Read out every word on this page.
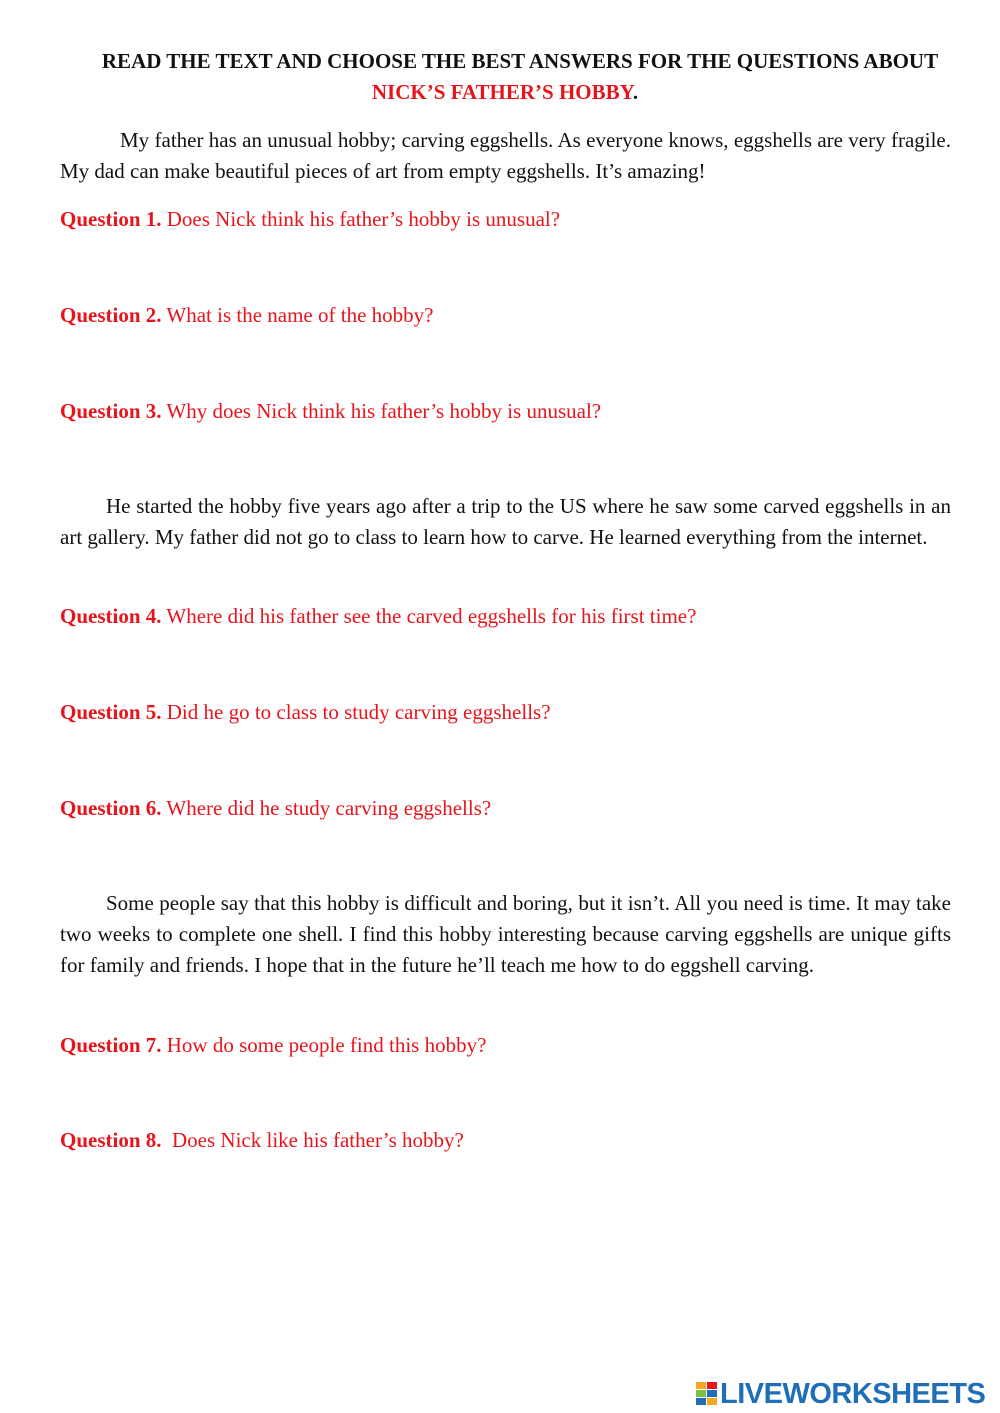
READ THE TEXT AND CHOOSE THE BEST ANSWERS FOR THE QUESTIONS ABOUT NICK’S FATHER’S HOBBY.
My father has an unusual hobby; carving eggshells. As everyone knows, eggshells are very fragile. My dad can make beautiful pieces of art from empty eggshells. It’s amazing!
Question 1. Does Nick think his father’s hobby is unusual?
Question 2. What is the name of the hobby?
Question 3. Why does Nick think his father’s hobby is unusual?
He started the hobby five years ago after a trip to the US where he saw some carved eggshells in an art gallery. My father did not go to class to learn how to carve. He learned everything from the internet.
Question 4. Where did his father see the carved eggshells for his first time?
Question 5. Did he go to class to study carving eggshells?
Question 6. Where did he study carving eggshells?
Some people say that this hobby is difficult and boring, but it isn’t. All you need is time. It may take two weeks to complete one shell. I find this hobby interesting because carving eggshells are unique gifts for family and friends. I hope that in the future he’ll teach me how to do eggshell carving.
Question 7. How do some people find this hobby?
Question 8.  Does Nick like his father’s hobby?
LIVEWORKSHEETS
